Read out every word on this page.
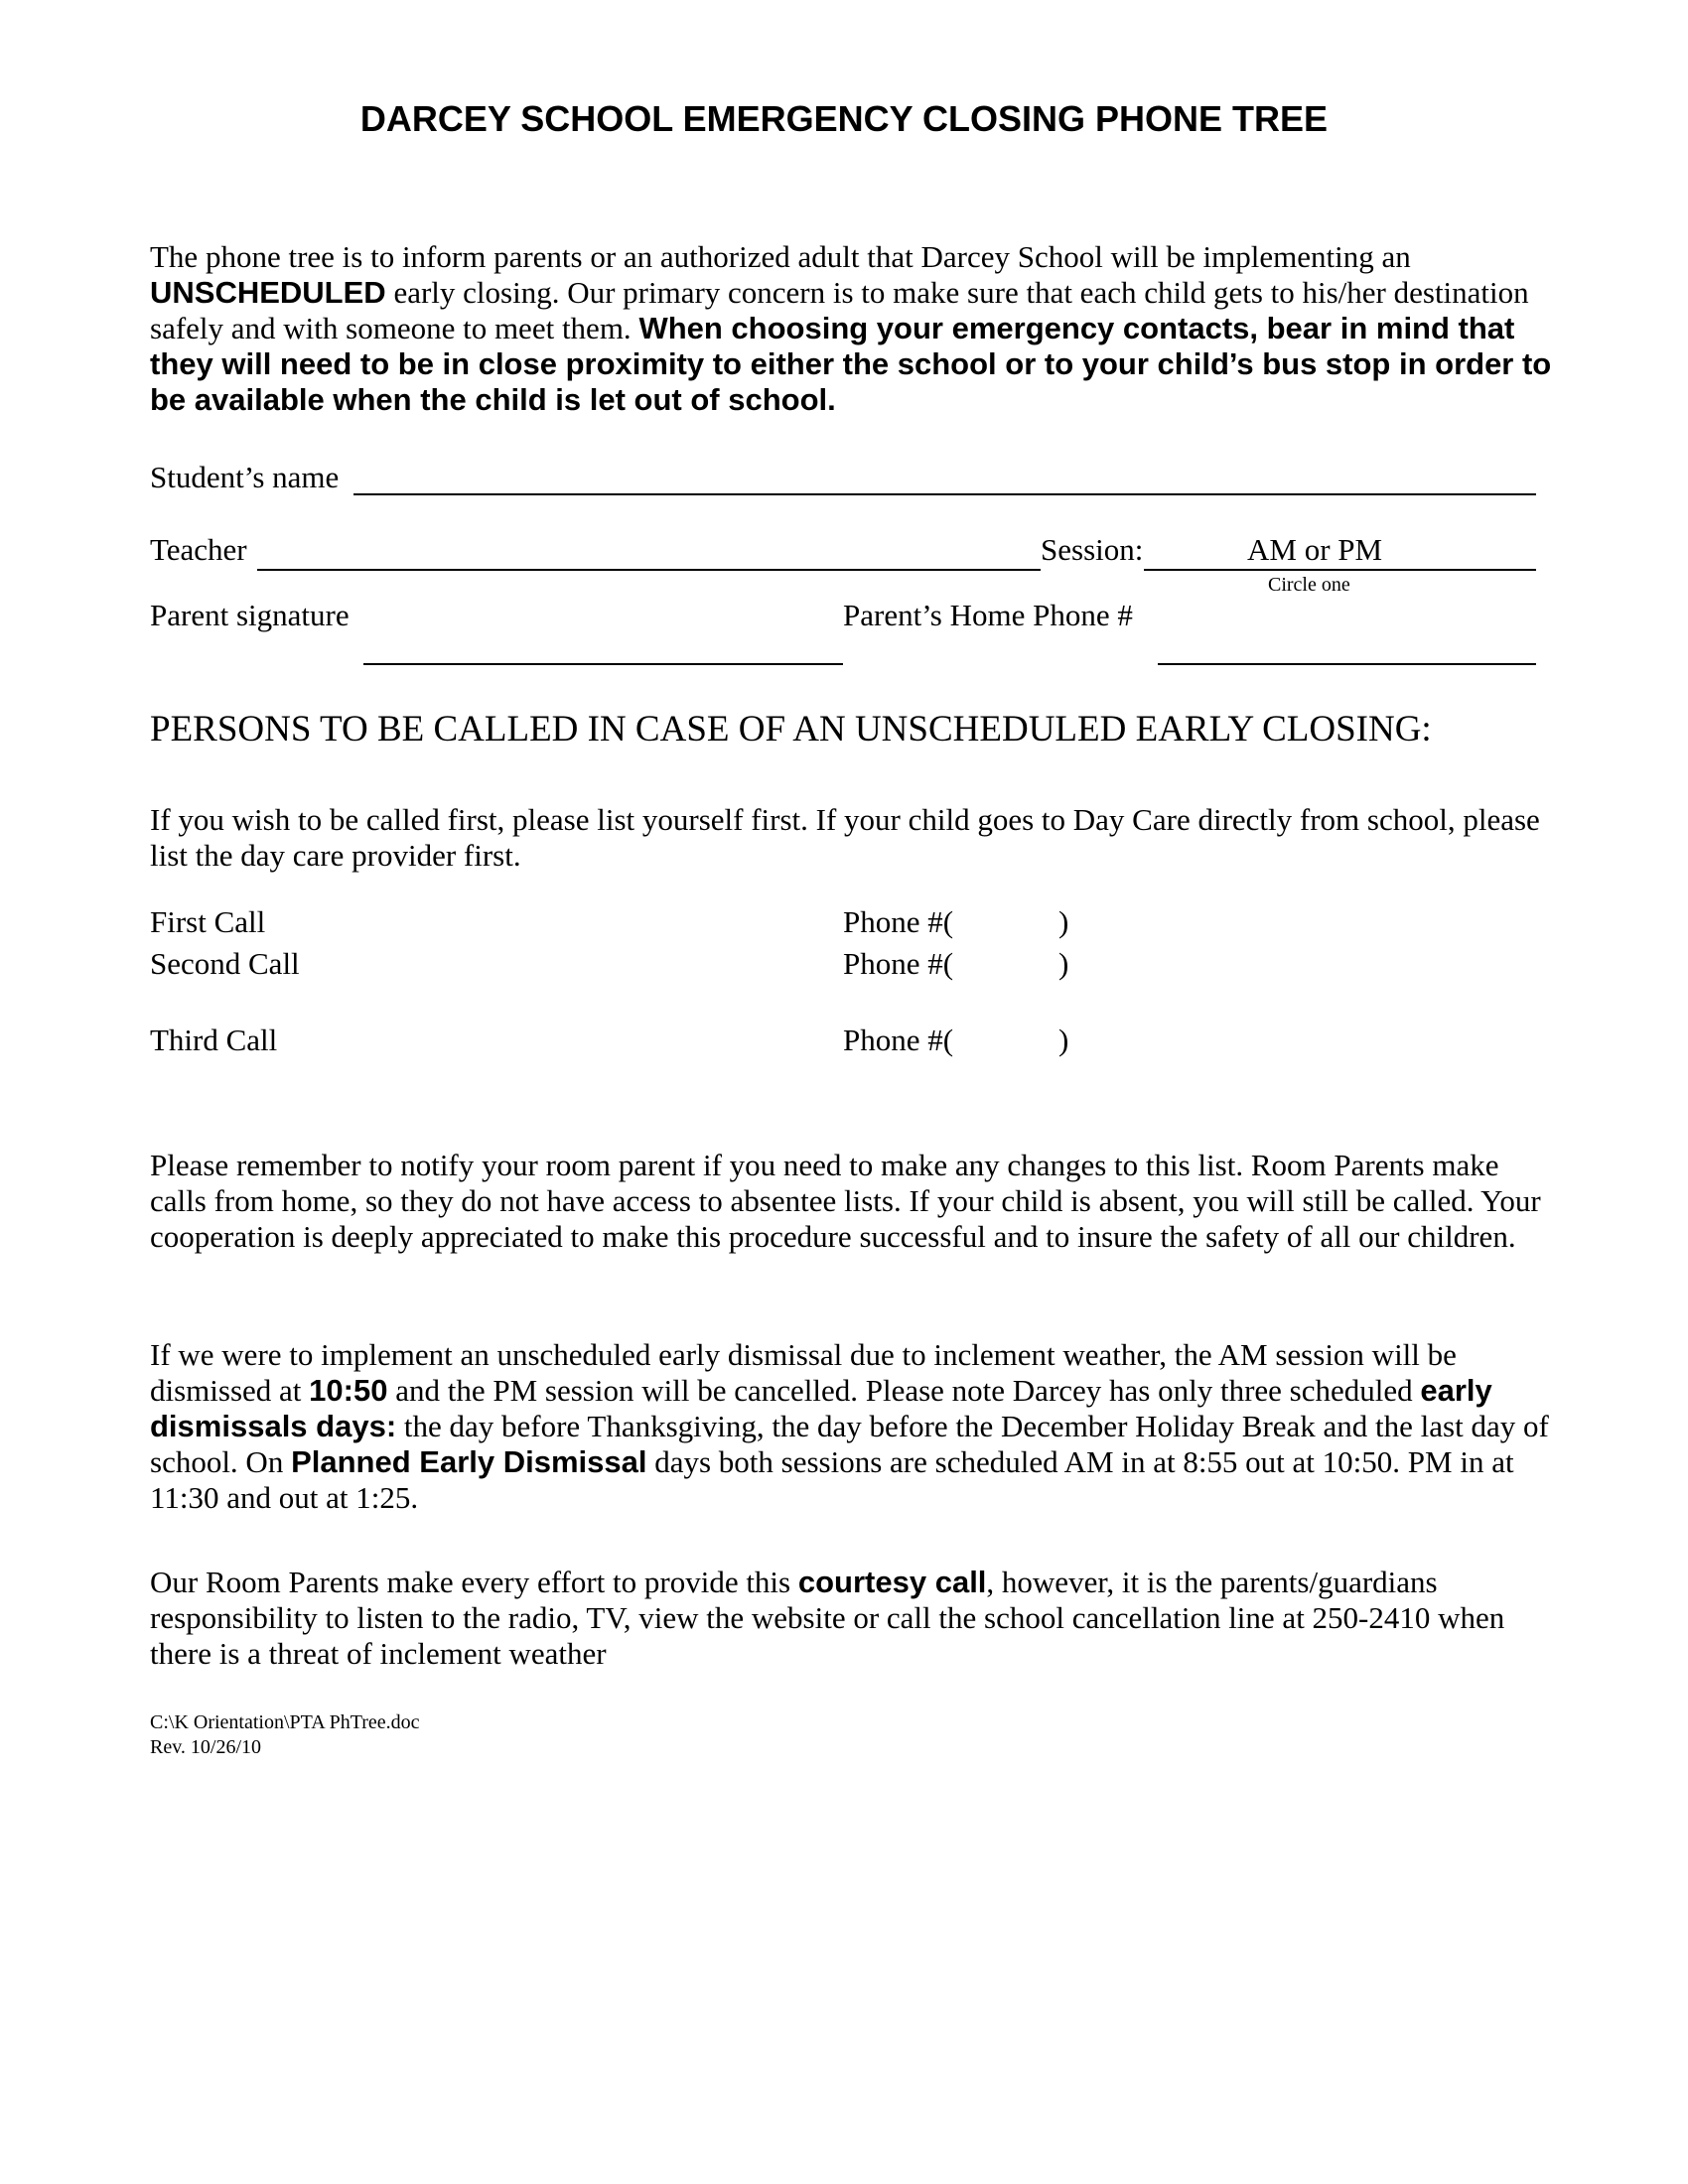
DARCEY SCHOOL EMERGENCY CLOSING PHONE TREE
The phone tree is to inform parents or an authorized adult that Darcey School will be implementing an UNSCHEDULED early closing. Our primary concern is to make sure that each child gets to his/her destination safely and with someone to meet them. When choosing your emergency contacts, bear in mind that they will need to be in close proximity to either the school or to your child’s bus stop in order to be available when the child is let out of school.
Student’s name
Teacher	Session:	AM or PM
Circle one
Parent signature	Parent’s Home Phone #
PERSONS TO BE CALLED IN CASE OF AN UNSCHEDULED EARLY CLOSING:
If you wish to be called first, please list yourself first. If your child goes to Day Care directly from school, please list the day care provider first.
First Call	Phone #(	)
Second Call	Phone #(	)
Third Call	Phone #(	)
Please remember to notify your room parent if you need to make any changes to this list. Room Parents make calls from home, so they do not have access to absentee lists. If your child is absent, you will still be called. Your cooperation is deeply appreciated to make this procedure successful and to insure the safety of all our children.
If we were to implement an unscheduled early dismissal due to inclement weather, the AM session will be dismissed at 10:50 and the PM session will be cancelled. Please note Darcey has only three scheduled early dismissals days: the day before Thanksgiving, the day before the December Holiday Break and the last day of school. On Planned Early Dismissal days both sessions are scheduled AM in at 8:55 out at 10:50. PM in at 11:30 and out at 1:25.
Our Room Parents make every effort to provide this courtesy call, however, it is the parents/guardians responsibility to listen to the radio, TV, view the website or call the school cancellation line at 250-2410 when there is a threat of inclement weather
C:\K Orientation\PTA PhTree.doc
Rev. 10/26/10
